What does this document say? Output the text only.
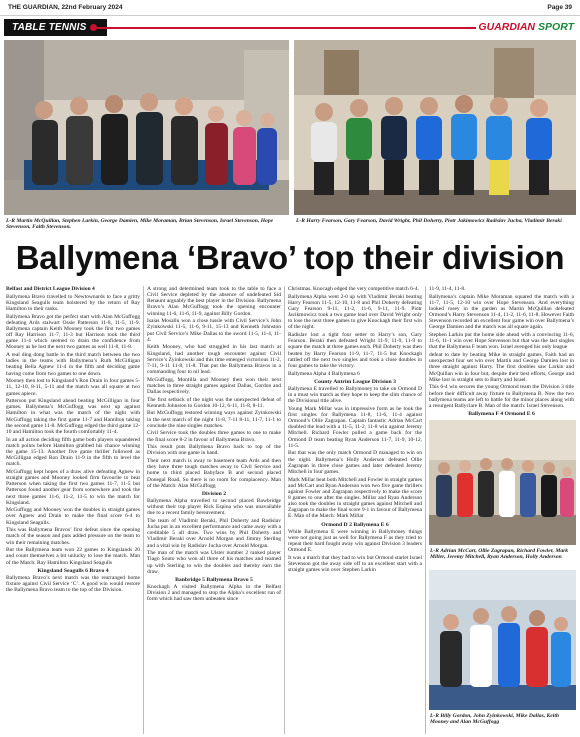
THE GUARDIAN, 22nd February 2024	Page 39
TABLE TENNIS	GUARDIAN SPORT
L-R Martin McQuillan, Stephen Larkin, George Damien, Mike Moraman, Brian Stevenson, Israel Stevenson, Hope Stevenson, Faith Stevenson.
L-R Harry Fearson, Gary Fearson, David Wright, Phil Doherty, Piotr Jakimowicz Radislav Jucha, Vladimir Beraki
Ballymena ‘Bravo’ top their division

Belfast and District League Division 4

Ballymena Bravo travelled to Newtownards to face a gritty Kingsland Seagulls team bolstered by the return of Ray Hamilton to their ranks.

Ballymena Bravo got the perfect start with Alan McGuffogg defeating Ards stalwart Ossie Patterson 11-8, 11-5, 11-9. Ballymena captain Keith Mooney took the first two games off Ray Harrison 11-7, 11-3 but Harrison took the third game 11-4 which seemed to drain the confidence from Mooney as he lost the next two games as well 11-8, 11-8.

A real ding dong battle in the third match between the two ladies in the teams with Ballymena’s Ruth McGilligan beating Bella Agnew 11-4 in the fifth and deciding game having come from two games to one down.

Mooney then lost to Kingsland’s Ron Drain in four games 5-11, 12-10, 8-11, 5-11 and the match was all square at two games apiece.

Patterson put Kingsland ahead beating McGilligan in four games. Ballymena’s McGuffogg was next up against Hamilton in what was the match of the night with McGuffogg taking the first game 11-7 and Hamilton taking the second game 11-8. McGuffogg edged the third game 12-10 and Hamilton took the fourth comfortably 11-4.

In an all action deciding fifth game both players squandered match points before Hamilton grabbed his chance winning the game 15-13. Another five game thriller followed as McGilligan edged Ron Drain 11-9 in the fifth to level the match.

McGuffogg kept hopes of a draw alive defeating Agnew in straight games and Mooney looked firm favourite to beat Patterson when taking the first two games 11-7, 11-5 but Patterson found another gear from somewhere and took the next three games 11-6, 11-2, 11-5 to win the match for Kingsland.

McGuffogg and Mooney won the doubles in straight games over Agnew and Drain to make the final score 6-4 to Kingsland Seagulls.

This was Ballymena Bravos’ first defeat since the opening match of the season and puts added pressure on the team to win their remaining matches.

But the Ballymena team won 22 games to Kingslands 20 and count themselves a bit unlucky to lose the match. Man of the Match: Ray Hamilton Kingsland Seagulls

Kingsland Seagulls 6 Bravo 4

Ballymena Bravo’s next match was the rearranged home fixture against Civil Service ‘C’. A good win would restore the Ballymena Bravo team to the top of the Division.

A strong and determined team took to the table to face a Civil Service depleted by the absence of undefeated Sid Renaunt arguably the best player in the Division. Ballymena Bravo’s Alan McGuffogg took the opening encounter winning 11-6, 11-6, 11-9, against Billy Gordon.

Isaias Mosallu won a close tussle with Civil Service’s John Zyinkowski 11-5, 11-6, 9-11, 15-13 and Kenneth Johnston put Civil Service’s Mike Dallas to the sword 11-5, 11-4, 11-4.

Keith Mooney, who had struggled in his last match at Kingsland, had another tough encounter against Civil Service’s Zyinkowski and this time emerged victorious 11-2, 7-11, 9-11 11-8, 11-8. That put the Ballymena Bravos in a commanding four to nil lead.

McGuffogg, Montilla and Mooney then won their next matches in three straight games against Dallas, Gordon and Dallas respectively.

The first setback of the night was the unexpected defeat of Kenneth Johnston to Gordon 10-12, 6-11, 11-8, 8-11.

But McGuffogg restored winning ways against Zyinkowski in the next match of the night 11-8, 7-11 8-11, 11-7, 11-1 to conclude the nine singles matches.

Civil Service took the doubles three games to one to make the final score 8-2 in favour of Ballymena Bravo.

This result puts Ballymena Bravo back to top of the Division with one game in hand.

Their next match is away to basement team Ards and then they have three tough matches away to Civil Service and home to third placed Babyface B and second placed Donegal Road, So there is no room for complacency. Man of the Match: Alan McGuffogg

Division 2

Ballymena Alpha travelled to second placed Bawbridge without their top player Rick Espina who was unavailable due to a recent family bereavement.

The team of Vladimir Beraki, Phil Doherty and Radislav Jucha put in an excellent performance and came away with a creditable 5 all draw. Two wins by Phil Doherty and Vladimir Beraki over Arnold Morgan and Jimmy Sterling and a vital win by Radislav Jucha over Arnold Morgan.

The man of the match was Ulster number 2 ranked player Tiago Souto who won all three of his matches and teamed up with Sterling to win the doubles and thereby earn the draw.

Banbridge 5 Ballymena Bravo 5

Knockagh A visited Ballymena Alpha in the Belfast Division 2 and managed to stop the Alpha’s excellent run of form which had saw them unbeaten since

Christmas. Knocagh edged the very competitive match 6-4.

Ballymena Alpha went 2-0 up with Vladimir Beraki beating Harry Fearson 11-5, 12-10, 11-8 and Phil Doherty defeating Gary Fearson 9-11, 11-2, 11-6, 9-11, 11-9. Piotr Jacikmowicz took a two game lead over David Wright only to lose the next three games to give Knockagh their first win of the night.

Radislav lost a tight four setter to Harry’s son, Gary Fearson. Beraki then defeated Wright 11-9, 11-9, 11-9 to square the match at three games each. Phil Doherty was then beaten by Harry Fearson 11-9, 11-7, 11-5 but Knockagh rattled off the next two singles and took a close doubles in four games to take the victory.

Ballymena Alpha 4 Ballymena 6

County Antrim League Division 3

Ballymena E travelled to Ballymoney to take on Ormond D in a must win match as they hope to keep the slim chance of the Divisional title alive.

Young Mark Millar was in impressive form as he took the first singles for Ballymena 11-8, 11-6, 11-4 against Ormond’s Ollie Zagrapan. Captain fantastic Adrian McCart doubled the lead with a 11-5, 11-2, 11-8 win against Jeremy Mitchell. Richard Fowler pulled a game back for the Ormond D team beating Ryan Anderson 11-7, 11-9, 10-12, 11-5.

But that was the only match Ormond D managed to win on the night. Ballymena’s Holly Anderson defeated Ollie Zagrapan in three close games and later defeated Jeremy Mitchell in four games.

Mark Millar beat both Mitchell and Fowler in straight games and McCart and Ryan Anderson won two five game thrillers against Fowler and Zagrapan respectively to make the score 8 games to one after the singles. Millar and Ryan Anderson also took the doubles in straight games against Mitchell and Zagrapan to make the final score 9-1 in favour of Ballymena E. Man of the Match: Mark Millar

Ormond D 2 Ballymena E 6

While Ballymena E were winning in Ballymoney things were not going just as well for Ballymena F as they tried to repeat their hard fought away win against Division 3 leaders Ormond E.

It was a match that they had to win but Ormond starlet Israel Stevenson got the away side off to an excellent start with a straight games win over Stephen Larkin

11-9, 11-4, 11-8.

Ballymena’s captain Mike Moraman squared the match with a 11-7, 11-5, 12-10 win over Hope Stevenson. And everything looked rosey in the garden as Martin McQuillan defeated Ormond’s Harry Stevenson 11-4, 11-2, 11-6, 11-8. However Faith Stevenson recorded an excellent four game win over Ballymena’s George Damien and the match was all square again.

Stephen Larkin put the home side ahead with a convincing 11-6, 11-6, 11-1 win over Hope Stevenson but that was the last singles that the Ballymena F team won. Israel avenged his only league

defeat to date by beating Mike in straight games, Faith had an unexpected four set win over Martin and George Damien lost in three straight against Harry. The first doubles saw Larkin and McQuillan win in four but, despite their best efforts, George and Mike lost in straight sets to Barry and Israel.

This 6-4 win secures the young Ormond team the Division 3 title before their difficult away fixture to Ballymena B. Now the two ballymena teams are left to battle for the minor places along with a resurgent Ballyclare B. Man of the match: Israel Stevenson.

Ballymena F 4 Ormond E 6
L-R Adrian McCart, Ollie Zagrapan, Richard Fowler, Mark Miller, Jeremy Mitchell, Ryan Anderson, Holly Anderson
L-R Billy Gordon, John Zyinkowski, Mike Dallas, Keith Mooney and Alan McGuffogg
